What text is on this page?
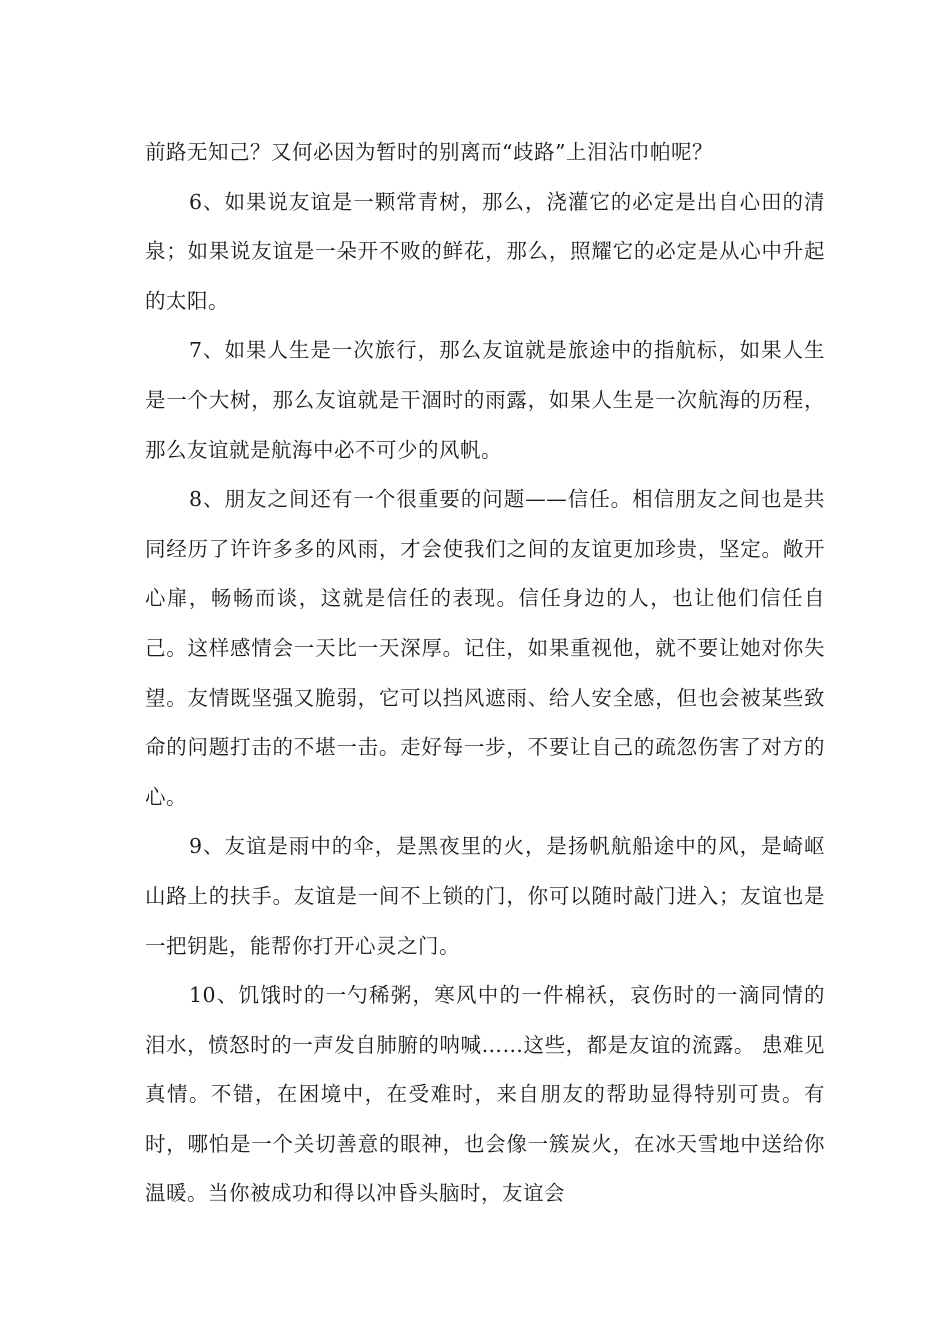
前路无知己？又何必因为暂时的别离而“歧路”上泪沾巾帕呢？

6、如果说友谊是一颗常青树，那么，浇灌它的必定是出自心田的清泉；如果说友谊是一朵开不败的鲜花，那么，照耀它的必定是从心中升起的太阳。

7、如果人生是一次旅行，那么友谊就是旅途中的指航标，如果人生是一个大树，那么友谊就是干涸时的雨露，如果人生是一次航海的历程，那么友谊就是航海中必不可少的风帆。

8、朋友之间还有一个很重要的问题——信任。相信朋友之间也是共同经历了许许多多的风雨，才会使我们之间的友谊更加珍贵，坚定。敞开心扉，畅畅而谈，这就是信任的表现。信任身边的人，也让他们信任自己。这样感情会一天比一天深厚。记住，如果重视他，就不要让她对你失望。友情既坚强又脆弱，它可以挡风遮雨、给人安全感，但也会被某些致命的问题打击的不堪一击。走好每一步，不要让自己的疏忽伤害了对方的心。

9、友谊是雨中的伞，是黑夜里的火，是扬帆航船途中的风，是崎岖山路上的扶手。友谊是一间不上锁的门，你可以随时敲门进入；友谊也是一把钥匙，能帮你打开心灵之门。

10、饥饿时的一勺稀粥，寒风中的一件棉袄，哀伤时的一滴同情的泪水，愤怒时的一声发自肺腑的呐喊……这些，都是友谊的流露。 患难见真情。不错，在困境中，在受难时，来自朋友的帮助显得特别可贵。有时，哪怕是一个关切善意的眼神，也会像一簇炭火，在冰天雪地中送给你温暖。当你被成功和得以冲昏头脑时，友谊会
